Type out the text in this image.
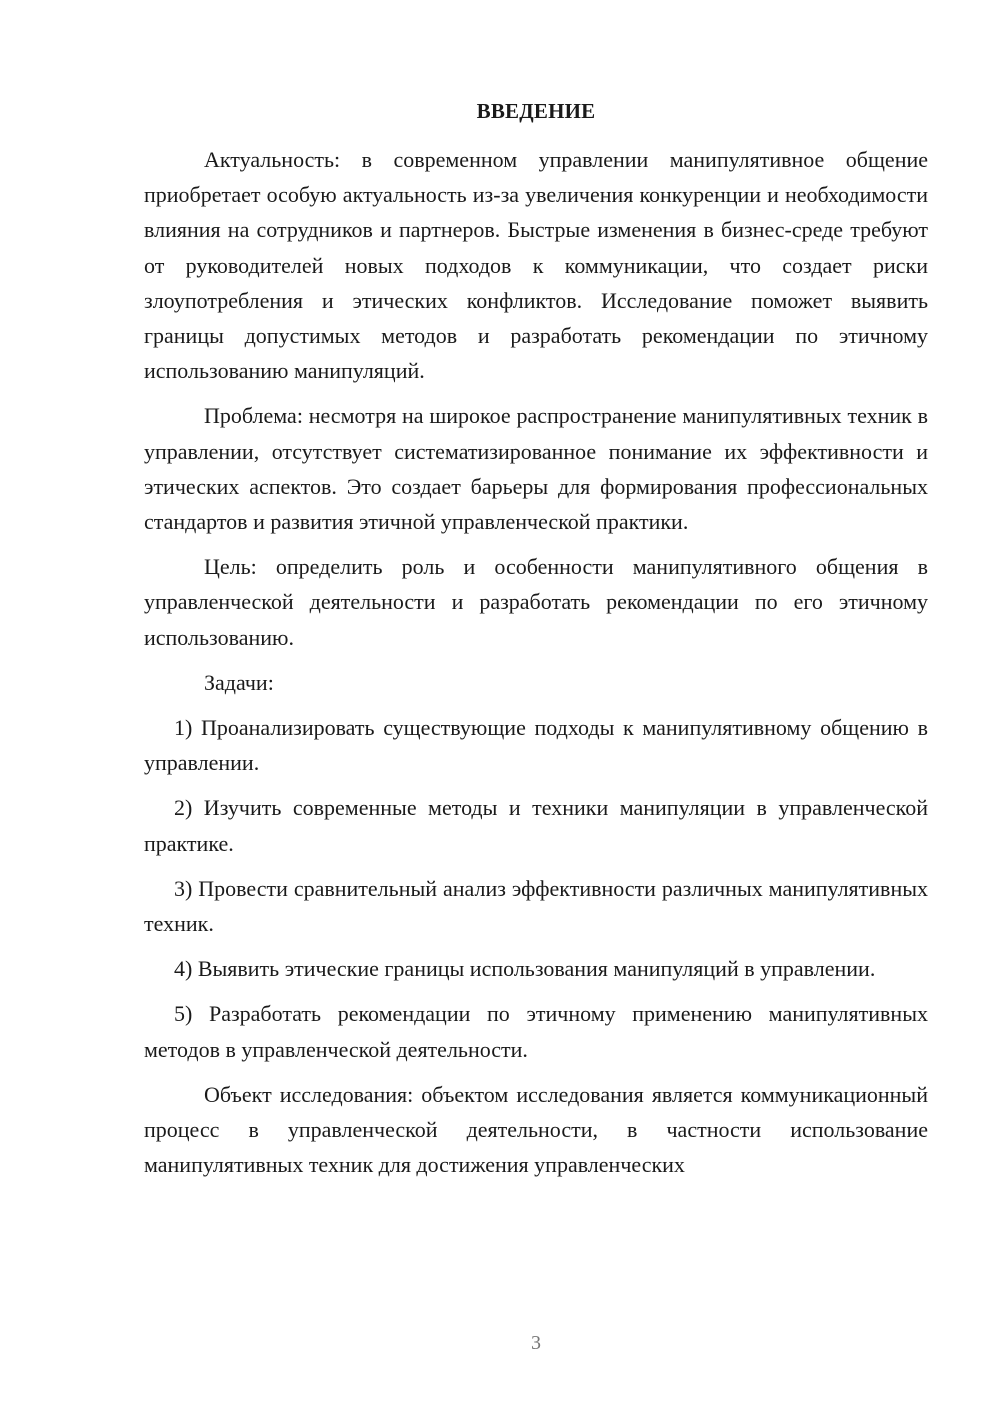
ВВЕДЕНИЕ

Актуальность: в современном управлении манипулятивное общение приобретает особую актуальность из-за увеличения конкуренции и необходимости влияния на сотрудников и партнеров. Быстрые изменения в бизнес-среде требуют от руководителей новых подходов к коммуникации, что создает риски злоупотребления и этических конфликтов. Исследование поможет выявить границы допустимых методов и разработать рекомендации по этичному использованию манипуляций.

Проблема: несмотря на широкое распространение манипулятивных техник в управлении, отсутствует систематизированное понимание их эффективности и этических аспектов. Это создает барьеры для формирования профессиональных стандартов и развития этичной управленческой практики.

Цель: определить роль и особенности манипулятивного общения в управленческой деятельности и разработать рекомендации по его этичному использованию.

Задачи:

1) Проанализировать существующие подходы к манипулятивному общению в управлении.

2) Изучить современные методы и техники манипуляции в управленческой практике.

3) Провести сравнительный анализ эффективности различных манипулятивных техник.

4) Выявить этические границы использования манипуляций в управлении.

5) Разработать рекомендации по этичному применению манипулятивных методов в управленческой деятельности.

Объект исследования: объектом исследования является коммуникационный процесс в управленческой деятельности, в частности использование манипулятивных техник для достижения управленческих

3
